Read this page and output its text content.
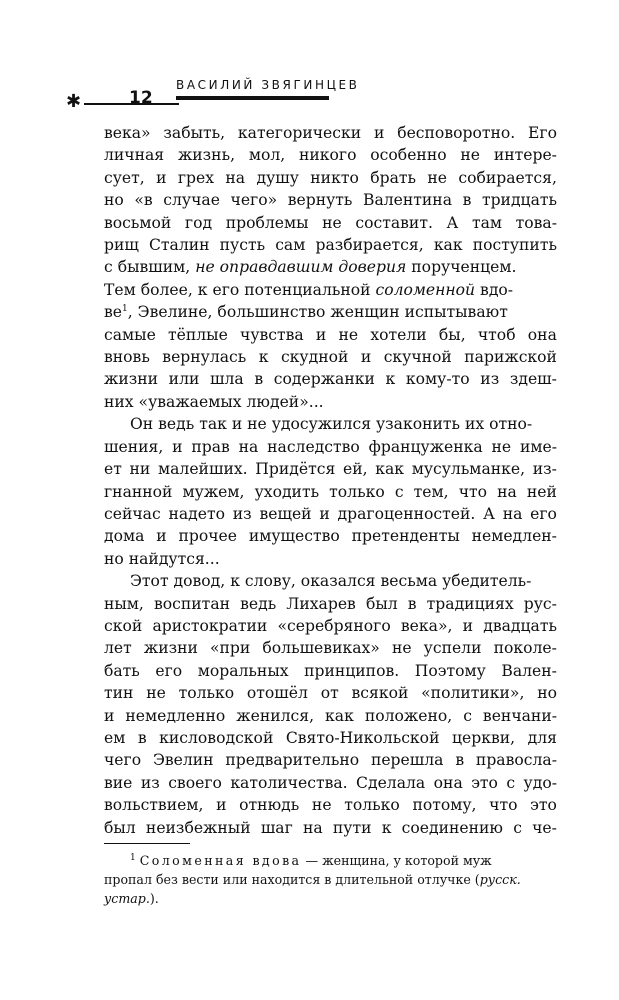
ВАСИЛИЙ ЗВЯГИНЦЕВ
✱	12

века» забыть, категорически и бесповоротно. Его
личная жизнь, мол, никого особенно не интере-
сует, и грех на душу никто брать не собирается,
но «в случае чего» вернуть Валентина в тридцать
восьмой год проблемы не составит. А там това-
рищ Сталин пусть сам разбирается, как поступить
с бывшим, не оправдавшим доверия порученцем.
Тем более, к его потенциальной соломенной вдо-
$ве^1$, Эвелине, большинство женщин испытывают
самые тёплые чувства и не хотели бы, чтоб она
вновь вернулась к скудной и скучной парижской
жизни или шла в содержанки к кому-то из здеш-
них «уважаемых людей»...

Он ведь так и не удосужился узаконить их отно-
шения, и прав на наследство француженка не име-
ет ни малейших. Придётся ей, как мусульманке, из-
гнанной мужем, уходить только с тем, что на ней
сейчас надето из вещей и драгоценностей. А на его
дома и прочее имущество претенденты немедлен-
но найдутся...

Этот довод, к слову, оказался весьма убедитель-
ным, воспитан ведь Лихарев был в традициях рус-
ской аристократии «серебряного века», и двадцать
лет жизни «при большевиках» не успели поколе-
бать его моральных принципов. Поэтому Вален-
тин не только отошёл от всякой «политики», но
и немедленно женился, как положено, с венчани-
ем в кисловодской Свято-Никольской церкви, для
чего Эвелин предварительно перешла в правосла-
вие из своего католичества. Сделала она это с удо-
вольствием, и отнюдь не только потому, что это
был неизбежный шаг на пути к соединению с че-

$^1$ Соломенная вдова — женщина, у которой муж
пропал без вести или находится в длительной отлучке (русск.
устар.).
